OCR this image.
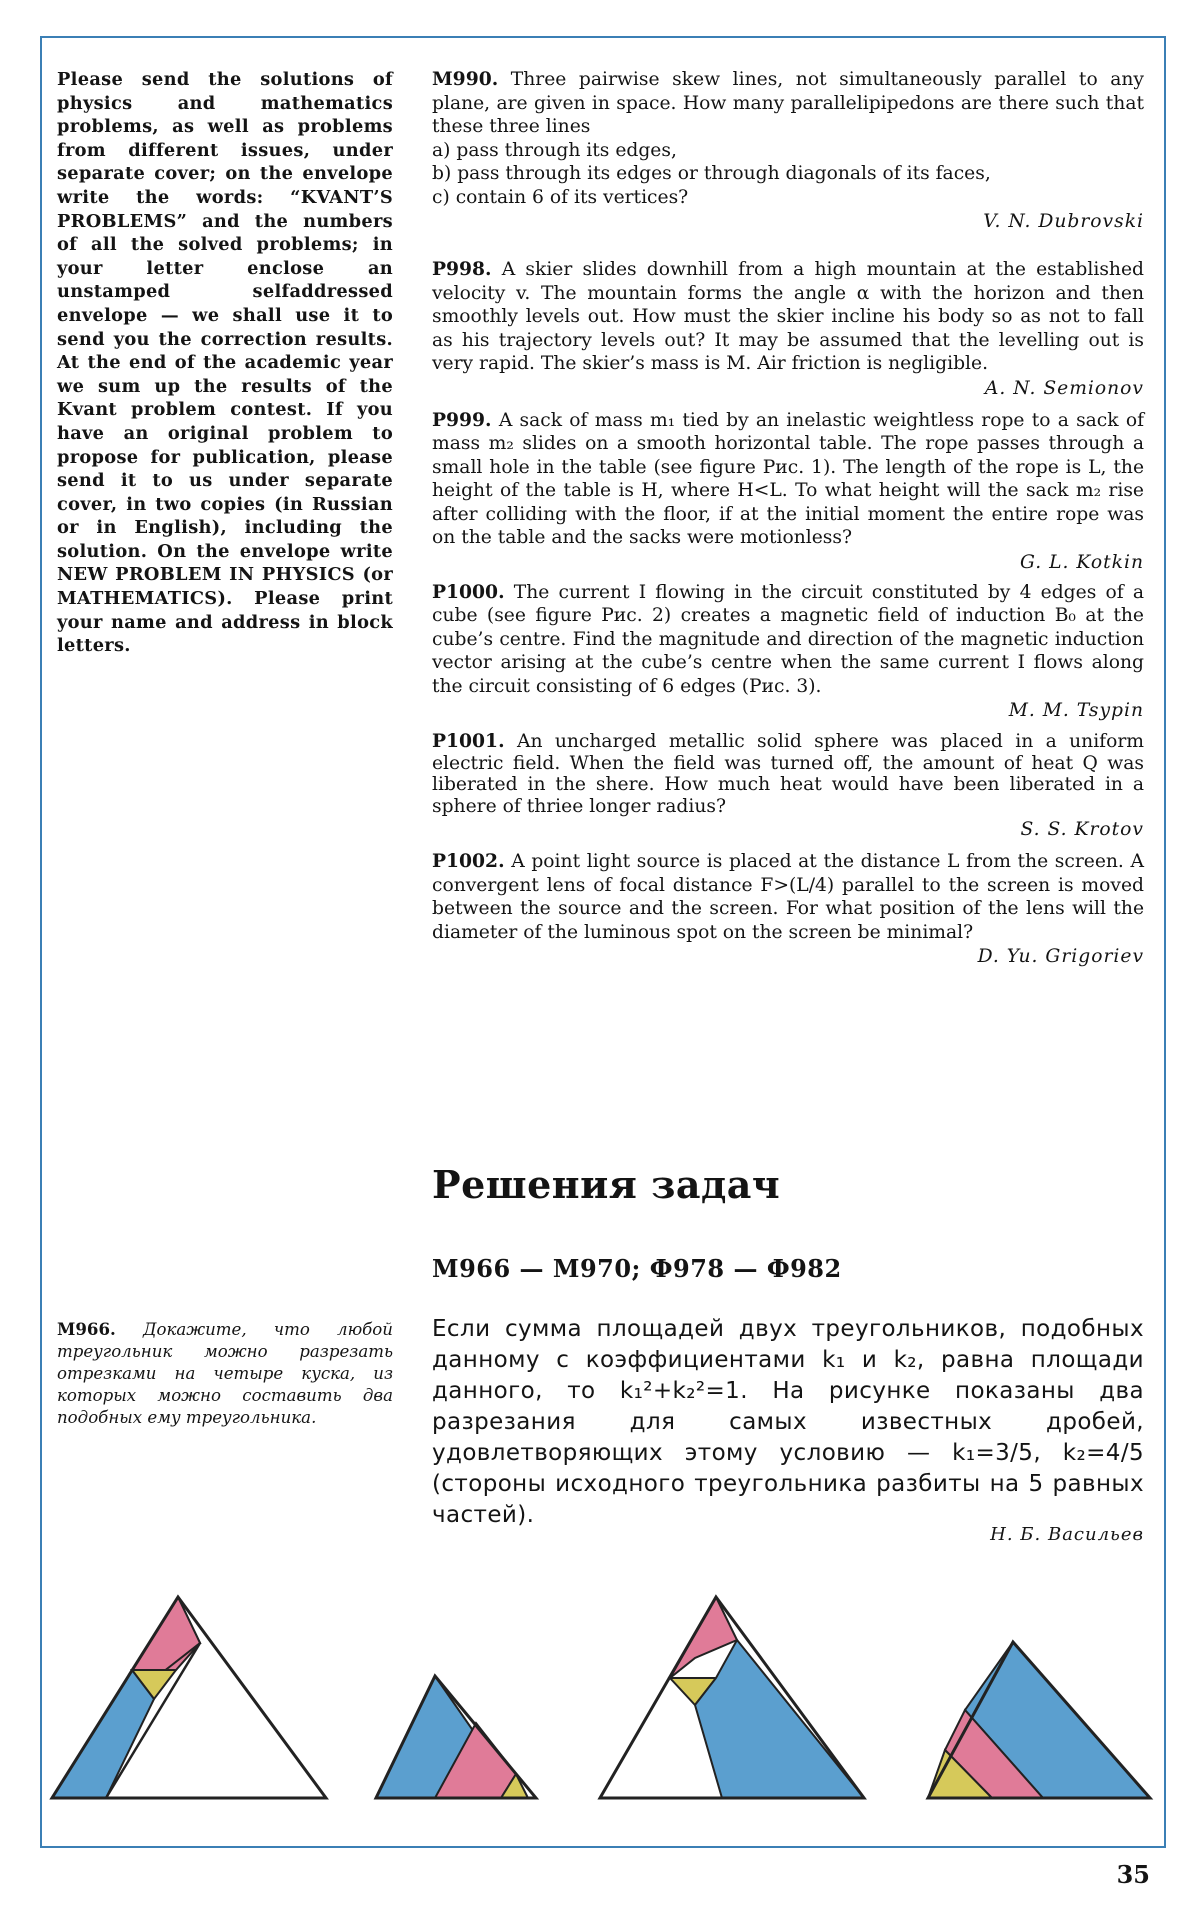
Please send the solutions of physics and mathematics problems, as well as problems from different issues, under separate cover; on the envelope write the words: “KVANT’S PROBLEMS” and the numbers of all the solved problems; in your letter enclose an unstamped selfaddressed envelope — we shall use it to send you the correction results. At the end of the academic year we sum up the results of the Kvant problem contest. If you have an original problem to propose for publication, please send it to us under separate cover, in two copies (in Russian or in English), including the solution. On the envelope write NEW PROBLEM IN PHYSICS (or MATHEMATICS). Please print your name and address in block letters.
M990. Three pairwise skew lines, not simultaneously parallel to any plane, are given in space. How many parallelipipedons are there such that these three lines
a) pass through its edges,
b) pass through its edges or through diagonals of its faces,
c) contain 6 of its vertices?
V. N. Dubrovski
P998. A skier slides downhill from a high mountain at the established velocity v. The mountain forms the angle α with the horizon and then smoothly levels out. How must the skier incline his body so as not to fall as his trajectory levels out? It may be assumed that the levelling out is very rapid. The skier’s mass is M. Air friction is negligible.
A. N. Semionov
P999. A sack of mass m₁ tied by an inelastic weightless rope to a sack of mass m₂ slides on a smooth horizontal table. The rope passes through a small hole in the table (see figure Рис. 1). The length of the rope is L, the height of the table is H, where H<L. To what height will the sack m₂ rise after colliding with the floor, if at the initial moment the entire rope was on the table and the sacks were motionless?
G. L. Kotkin
P1000. The current I flowing in the circuit constituted by 4 edges of a cube (see figure Рис. 2) creates a magnetic field of induction B₀ at the cube’s centre. Find the magnitude and direction of the magnetic induction vector arising at the cube’s centre when the same current I flows along the circuit consisting of 6 edges (Рис. 3).
M. M. Tsypin
P1001. An uncharged metallic solid sphere was placed in a uniform electric field. When the field was turned off, the amount of heat Q was liberated in the shere. How much heat would have been liberated in a sphere of thriee longer radius?
S. S. Krotov
P1002. A point light source is placed at the distance L from the screen. A convergent lens of focal distance F>(L/4) parallel to the screen is moved between the source and the screen. For what position of the lens will the diameter of the luminous spot on the screen be minimal?
D. Yu. Grigoriev
Решения задач
M966 — M970; Ф978 — Ф982
M966. Докажите, что любой треугольник можно разрезать отрезками на четыре куска, из которых можно составить два подобных ему треугольника.
Если сумма площадей двух треугольников, подобных данному с коэффициентами k₁ и k₂, равна площади данного, то k₁²+k₂²=1. На рисунке показаны два разрезания для самых известных дробей, удовлетворяющих этому условию — k₁=3/5, k₂=4/5 (стороны исходного треугольника разбиты на 5 равных частей).
Н. Б. Васильев
35
